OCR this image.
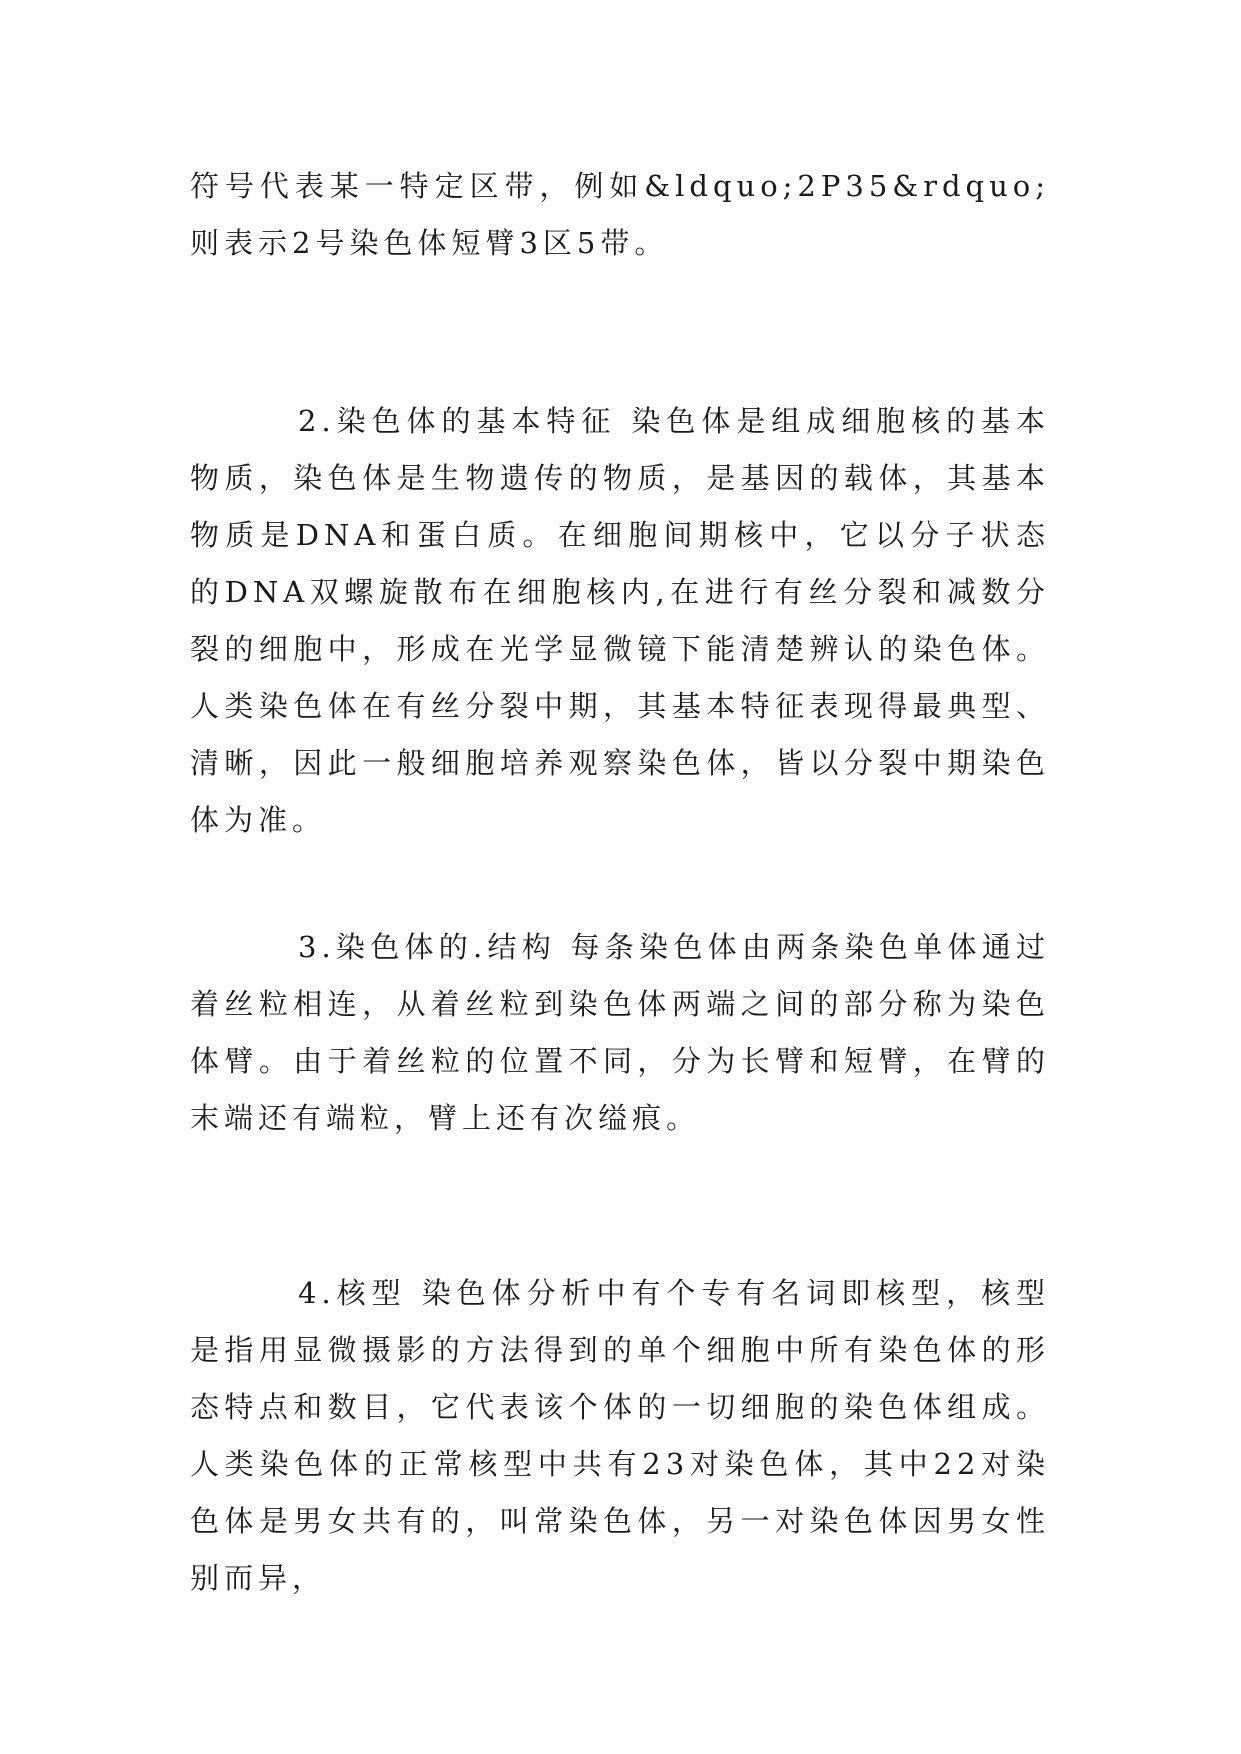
符号代表某一特定区带，例如&ldquo;2P35&rdquo;则表示2号染色体短臂3区5带。

2.染色体的基本特征 染色体是组成细胞核的基本物质，染色体是生物遗传的物质，是基因的载体，其基本物质是DNA和蛋白质。在细胞间期核中，它以分子状态的DNA双螺旋散布在细胞核内,在进行有丝分裂和减数分裂的细胞中，形成在光学显微镜下能清楚辨认的染色体。人类染色体在有丝分裂中期，其基本特征表现得最典型、清晰，因此一般细胞培养观察染色体，皆以分裂中期染色体为准。

3.染色体的.结构 每条染色体由两条染色单体通过着丝粒相连，从着丝粒到染色体两端之间的部分称为染色体臂。由于着丝粒的位置不同，分为长臂和短臂，在臂的末端还有端粒，臂上还有次缢痕。

4.核型 染色体分析中有个专有名词即核型，核型是指用显微摄影的方法得到的单个细胞中所有染色体的形态特点和数目，它代表该个体的一切细胞的染色体组成。人类染色体的正常核型中共有23对染色体，其中22对染色体是男女共有的，叫常染色体，另一对染色体因男女性别而异，
